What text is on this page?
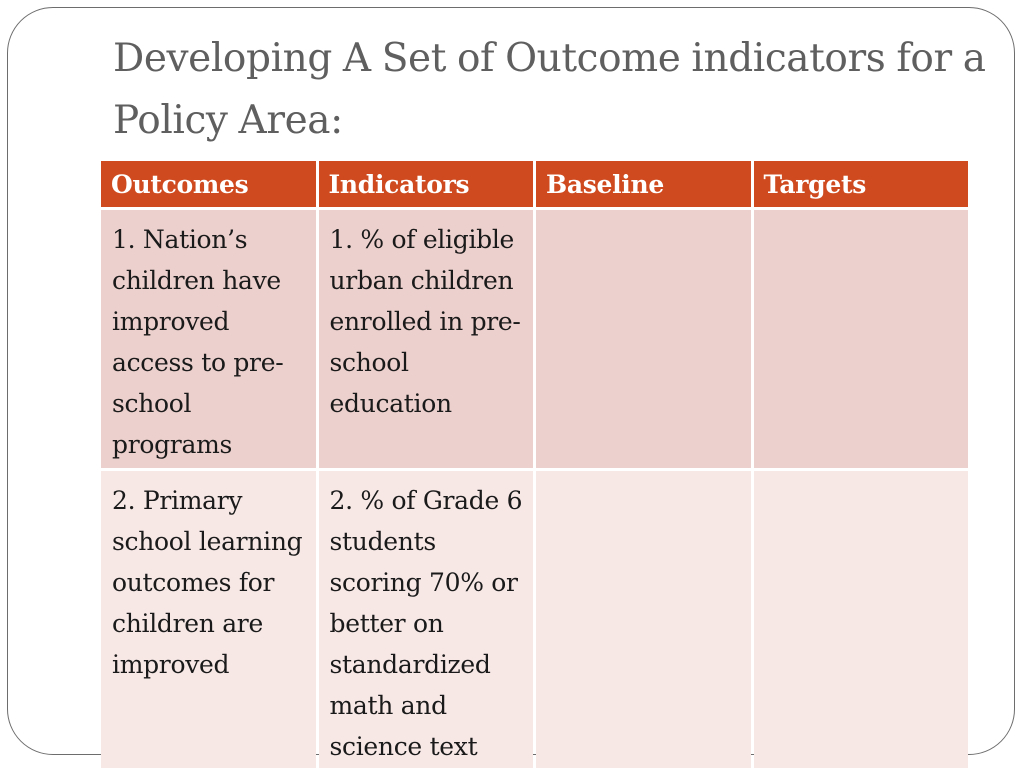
Developing A Set of Outcome indicators for a Policy Area:
Outcomes	Indicators	Baseline	Targets
1. Nation’s children have improved access to pre-school programs	1. % of eligible urban children enrolled in pre-school education		
2. Primary school learning outcomes for children are improved	2. % of Grade 6 students scoring 70% or better on standardized math and science text		
